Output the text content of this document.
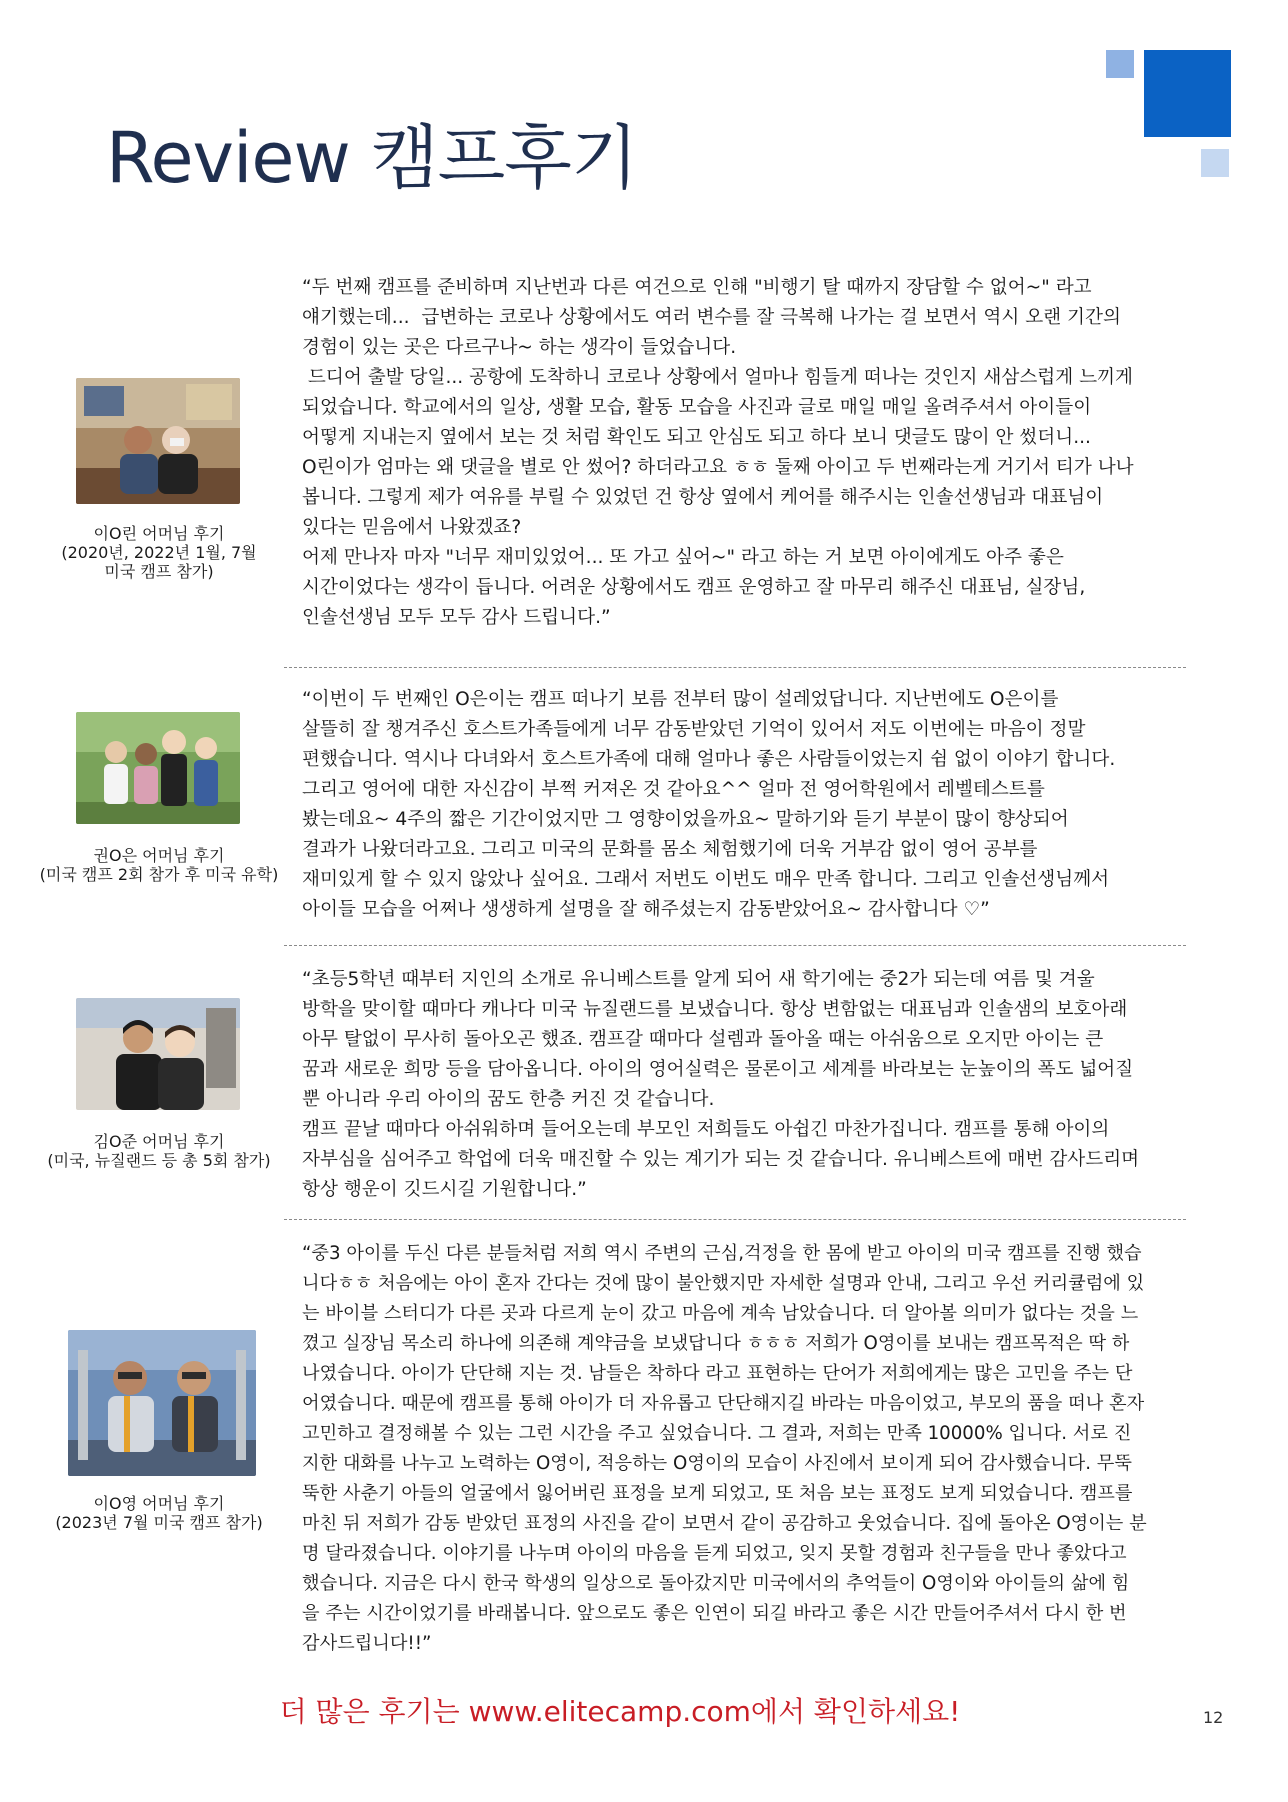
Review 캠프후기
이O린 어머님 후기
(2020년, 2022년 1월, 7월
미국 캠프 참가)

“두 번째 캠프를 준비하며 지난번과 다른 여건으로 인해 "비행기 탈 때까지 장담할 수 없어~" 라고
얘기했는데...  급변하는 코로나 상황에서도 여러 변수를 잘 극복해 나가는 걸 보면서 역시 오랜 기간의
경험이 있는 곳은 다르구나~ 하는 생각이 들었습니다.
드디어 출발 당일... 공항에 도착하니 코로나 상황에서 얼마나 힘들게 떠나는 것인지 새삼스럽게 느끼게
되었습니다. 학교에서의 일상, 생활 모습, 활동 모습을 사진과 글로 매일 매일 올려주셔서 아이들이
어떻게 지내는지 옆에서 보는 것 처럼 확인도 되고 안심도 되고 하다 보니 댓글도 많이 안 썼더니...
O린이가 엄마는 왜 댓글을 별로 안 썼어? 하더라고요 ㅎㅎ 둘째 아이고 두 번째라는게 거기서 티가 나나
봅니다. 그렇게 제가 여유를 부릴 수 있었던 건 항상 옆에서 케어를 해주시는 인솔선생님과 대표님이
있다는 믿음에서 나왔겠죠?
어제 만나자 마자 "너무 재미있었어... 또 가고 싶어~" 라고 하는 거 보면 아이에게도 아주 좋은
시간이었다는 생각이 듭니다. 어려운 상황에서도 캠프 운영하고 잘 마무리 해주신 대표님, 실장님,
인솔선생님 모두 모두 감사 드립니다.”

권O은 어머님 후기
(미국 캠프 2회 참가 후 미국 유학)

“이번이 두 번째인 O은이는 캠프 떠나기 보름 전부터 많이 설레었답니다. 지난번에도 O은이를
살뜰히 잘 챙겨주신 호스트가족들에게 너무 감동받았던 기억이 있어서 저도 이번에는 마음이 정말
편했습니다. 역시나 다녀와서 호스트가족에 대해 얼마나 좋은 사람들이었는지 쉼 없이 이야기 합니다.
그리고 영어에 대한 자신감이 부쩍 커져온 것 같아요^^ 얼마 전 영어학원에서 레벨테스트를
봤는데요~ 4주의 짧은 기간이었지만 그 영향이었을까요~ 말하기와 듣기 부분이 많이 향상되어
결과가 나왔더라고요. 그리고 미국의 문화를 몸소 체험했기에 더욱 거부감 없이 영어 공부를
재미있게 할 수 있지 않았나 싶어요. 그래서 저번도 이번도 매우 만족 합니다. 그리고 인솔선생님께서
아이들 모습을 어쩌나 생생하게 설명을 잘 해주셨는지 감동받았어요~ 감사합니다 ♡”

김O준 어머님 후기
(미국, 뉴질랜드 등 총 5회 참가)

“초등5학년 때부터 지인의 소개로 유니베스트를 알게 되어 새 학기에는 중2가 되는데 여름 및 겨울
방학을 맞이할 때마다 캐나다 미국 뉴질랜드를 보냈습니다. 항상 변함없는 대표님과 인솔샘의 보호아래
아무 탈없이 무사히 돌아오곤 했죠. 캠프갈 때마다 설렘과 돌아올 때는 아쉬움으로 오지만 아이는 큰
꿈과 새로운 희망 등을 담아옵니다. 아이의 영어실력은 물론이고 세계를 바라보는 눈높이의 폭도 넓어질
뿐 아니라 우리 아이의 꿈도 한층 커진 것 같습니다.
캠프 끝날 때마다 아쉬워하며 들어오는데 부모인 저희들도 아쉽긴 마찬가집니다. 캠프를 통해 아이의
자부심을 심어주고 학업에 더욱 매진할 수 있는 계기가 되는 것 같습니다. 유니베스트에 매번 감사드리며
항상 행운이 깃드시길 기원합니다.”

이O영 어머님 후기
(2023년 7월 미국 캠프 참가)

“중3 아이를 두신 다른 분들처럼 저희 역시 주변의 근심,걱정을 한 몸에 받고 아이의 미국 캠프를 진행 했습
니다ㅎㅎ 처음에는 아이 혼자 간다는 것에 많이 불안했지만 자세한 설명과 안내, 그리고 우선 커리큘럼에 있
는 바이블 스터디가 다른 곳과 다르게 눈이 갔고 마음에 계속 남았습니다. 더 알아볼 의미가 없다는 것을 느
꼈고 실장님 목소리 하나에 의존해 계약금을 보냈답니다 ㅎㅎㅎ 저희가 O영이를 보내는 캠프목적은 딱 하
나였습니다. 아이가 단단해 지는 것. 남들은 착하다 라고 표현하는 단어가 저희에게는 많은 고민을 주는 단
어였습니다. 때문에 캠프를 통해 아이가 더 자유롭고 단단해지길 바라는 마음이었고, 부모의 품을 떠나 혼자
고민하고 결정해볼 수 있는 그런 시간을 주고 싶었습니다. 그 결과, 저희는 만족 10000% 입니다. 서로 진
지한 대화를 나누고 노력하는 O영이, 적응하는 O영이의 모습이 사진에서 보이게 되어 감사했습니다. 무뚝
뚝한 사춘기 아들의 얼굴에서 잃어버린 표정을 보게 되었고, 또 처음 보는 표정도 보게 되었습니다. 캠프를
마친 뒤 저희가 감동 받았던 표정의 사진을 같이 보면서 같이 공감하고 웃었습니다. 집에 돌아온 O영이는 분
명 달라졌습니다. 이야기를 나누며 아이의 마음을 듣게 되었고, 잊지 못할 경험과 친구들을 만나 좋았다고
했습니다. 지금은 다시 한국 학생의 일상으로 돌아갔지만 미국에서의 추억들이 O영이와 아이들의 삶에 힘
을 주는 시간이었기를 바래봅니다. 앞으로도 좋은 인연이 되길 바라고 좋은 시간 만들어주셔서 다시 한 번
감사드립니다!!”

더 많은 후기는 www.elitecamp.com에서 확인하세요!	12
